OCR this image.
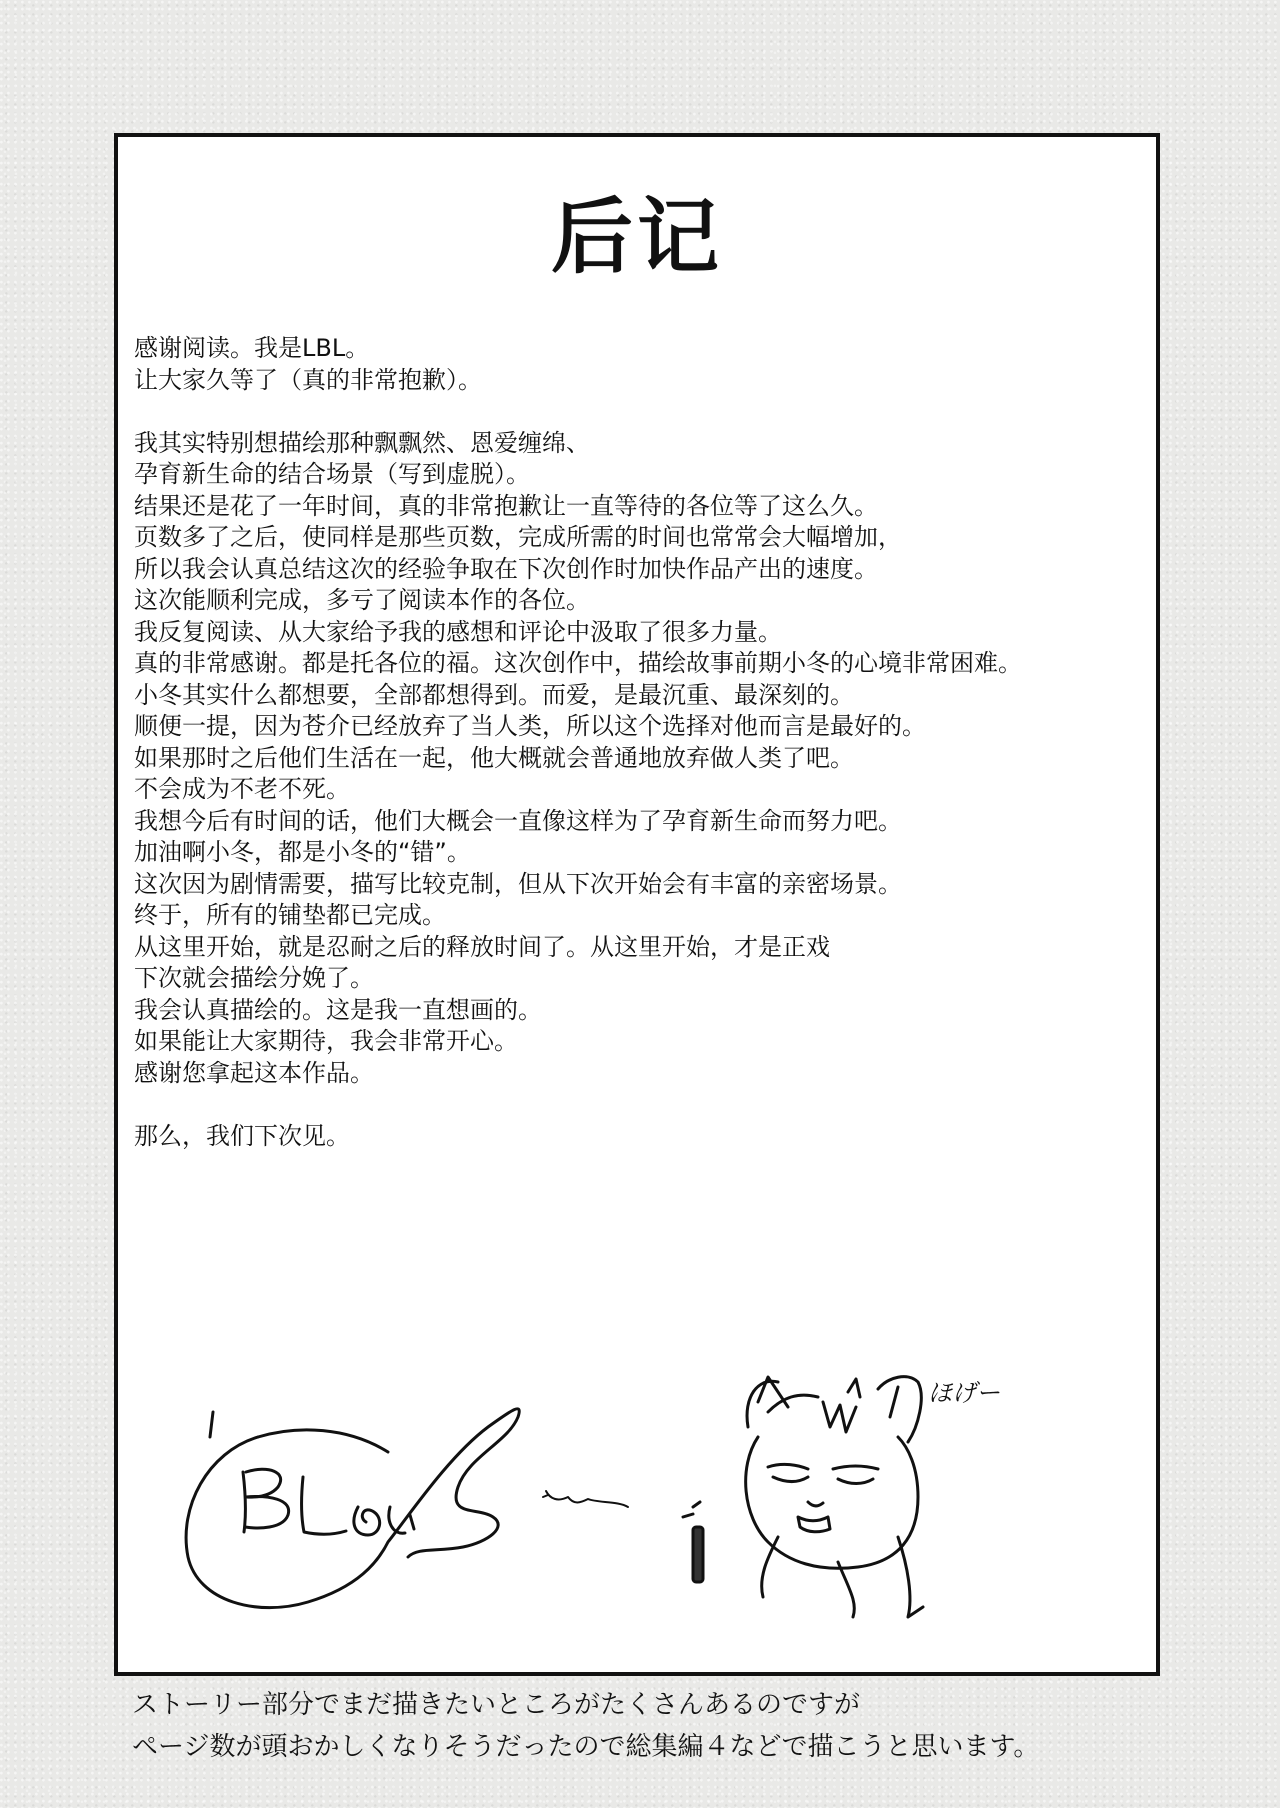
后记
感谢阅读。我是LBL。
让大家久等了（真的非常抱歉）。
我其实特别想描绘那种飘飘然、恩爱缠绵、
孕育新生命的结合场景（写到虚脱）。
结果还是花了一年时间，真的非常抱歉让一直等待的各位等了这么久。
页数多了之后，使同样是那些页数，完成所需的时间也常常会大幅增加，
所以我会认真总结这次的经验争取在下次创作时加快作品产出的速度。
这次能顺利完成，多亏了阅读本作的各位。
我反复阅读、从大家给予我的感想和评论中汲取了很多力量。
真的非常感谢。都是托各位的福。这次创作中，描绘故事前期小冬的心境非常困难。
小冬其实什么都想要，全部都想得到。而爱，是最沉重、最深刻的。
顺便一提，因为苍介已经放弃了当人类，所以这个选择对他而言是最好的。
如果那时之后他们生活在一起，他大概就会普通地放弃做人类了吧。
不会成为不老不死。
我想今后有时间的话，他们大概会一直像这样为了孕育新生命而努力吧。
加油啊小冬，都是小冬的“错”。
这次因为剧情需要，描写比较克制，但从下次开始会有丰富的亲密场景。
终于，所有的铺垫都已完成。
从这里开始，就是忍耐之后的释放时间了。从这里开始，才是正戏
下次就会描绘分娩了。
我会认真描绘的。这是我一直想画的。
如果能让大家期待，我会非常开心。
感谢您拿起这本作品。
那么，我们下次见。
ほげー
ストーリー部分でまだ描きたいところがたくさんあるのですが
ページ数が頭おかしくなりそうだったので総集編４などで描こうと思います。
